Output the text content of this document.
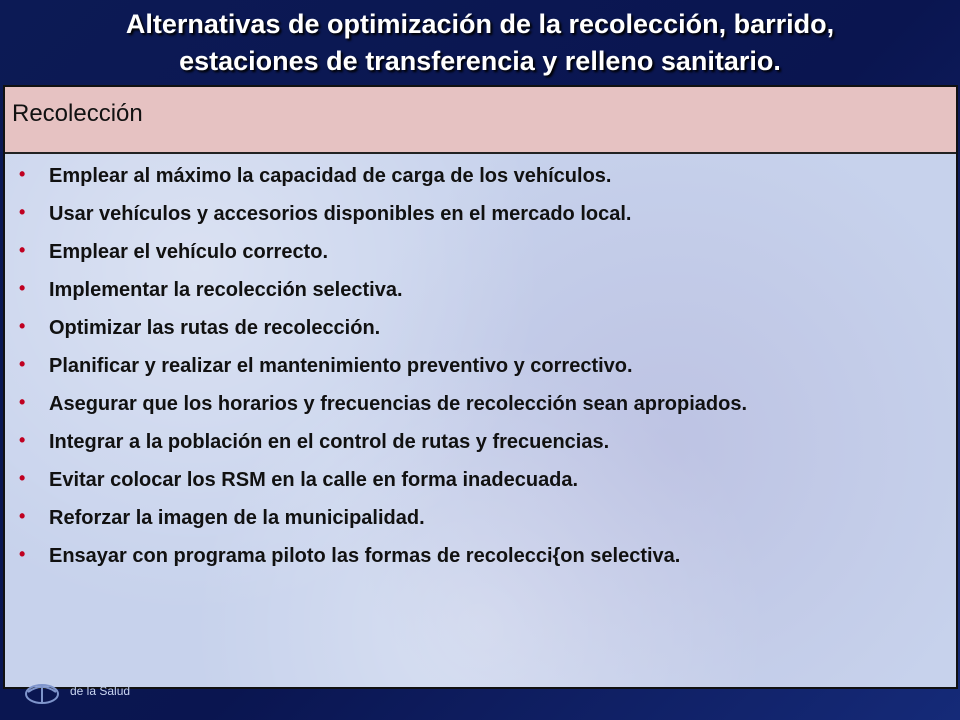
Alternativas de optimización de la recolección, barrido,
estaciones de transferencia y relleno sanitario.
Recolección
• Emplear al máximo la capacidad de carga de los vehículos.
• Usar vehículos y accesorios disponibles en el mercado local.
• Emplear el vehículo correcto.
• Implementar la recolección selectiva.
• Optimizar las rutas de recolección.
• Planificar y realizar el mantenimiento preventivo y correctivo.
• Asegurar que los horarios y frecuencias de recolección sean apropiados.
• Integrar a la población en el control de rutas y frecuencias.
• Evitar colocar los RSM en la calle en forma inadecuada.
• Reforzar la imagen de la municipalidad.
• Ensayar con programa piloto las formas de recolecci{on selectiva.
de la Salud
